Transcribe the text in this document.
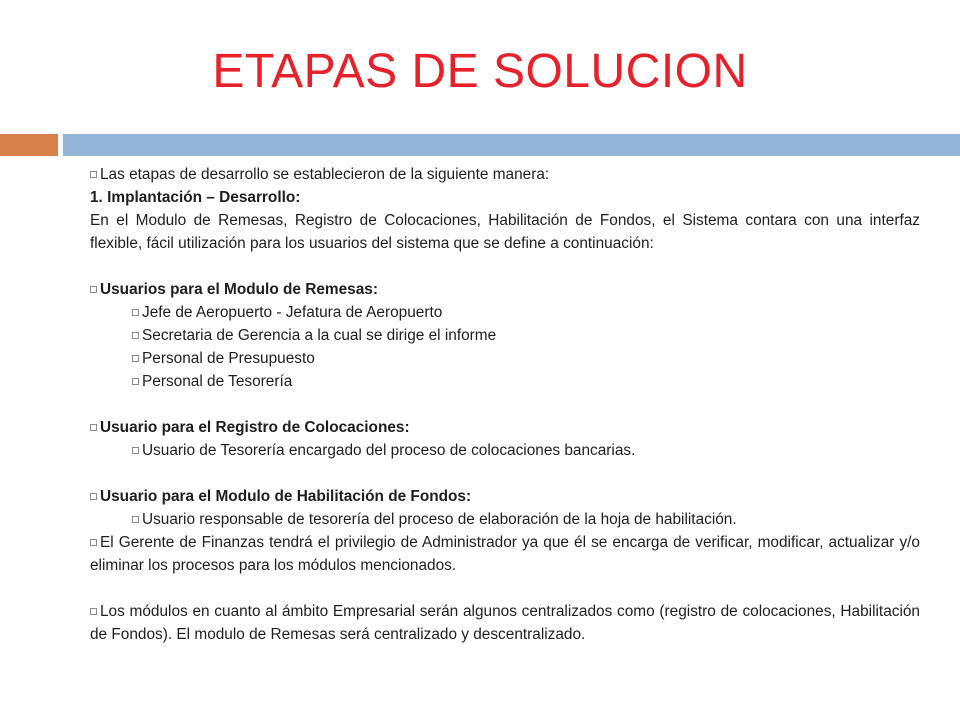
ETAPAS DE SOLUCION
Las etapas de desarrollo se establecieron de la siguiente manera:
1. Implantación – Desarrollo:
En el Modulo de Remesas, Registro de Colocaciones, Habilitación de Fondos, el Sistema contara con una interfaz flexible, fácil utilización para los usuarios del sistema que se define a continuación:
Usuarios para el Modulo de Remesas:
Jefe de Aeropuerto - Jefatura de Aeropuerto
Secretaria de Gerencia a la cual se dirige el informe
Personal de Presupuesto
Personal de Tesorería
Usuario para el Registro de Colocaciones:
Usuario de Tesorería encargado del proceso de colocaciones bancarias.
Usuario para el Modulo de Habilitación de Fondos:
Usuario responsable de tesorería del proceso de elaboración de la hoja de habilitación.
El Gerente de Finanzas tendrá el privilegio de Administrador ya que él se encarga de verificar, modificar, actualizar y/o eliminar los procesos para los módulos mencionados.
Los módulos en cuanto al ámbito Empresarial serán algunos centralizados como (registro de colocaciones, Habilitación de Fondos). El modulo de Remesas será centralizado y descentralizado.
